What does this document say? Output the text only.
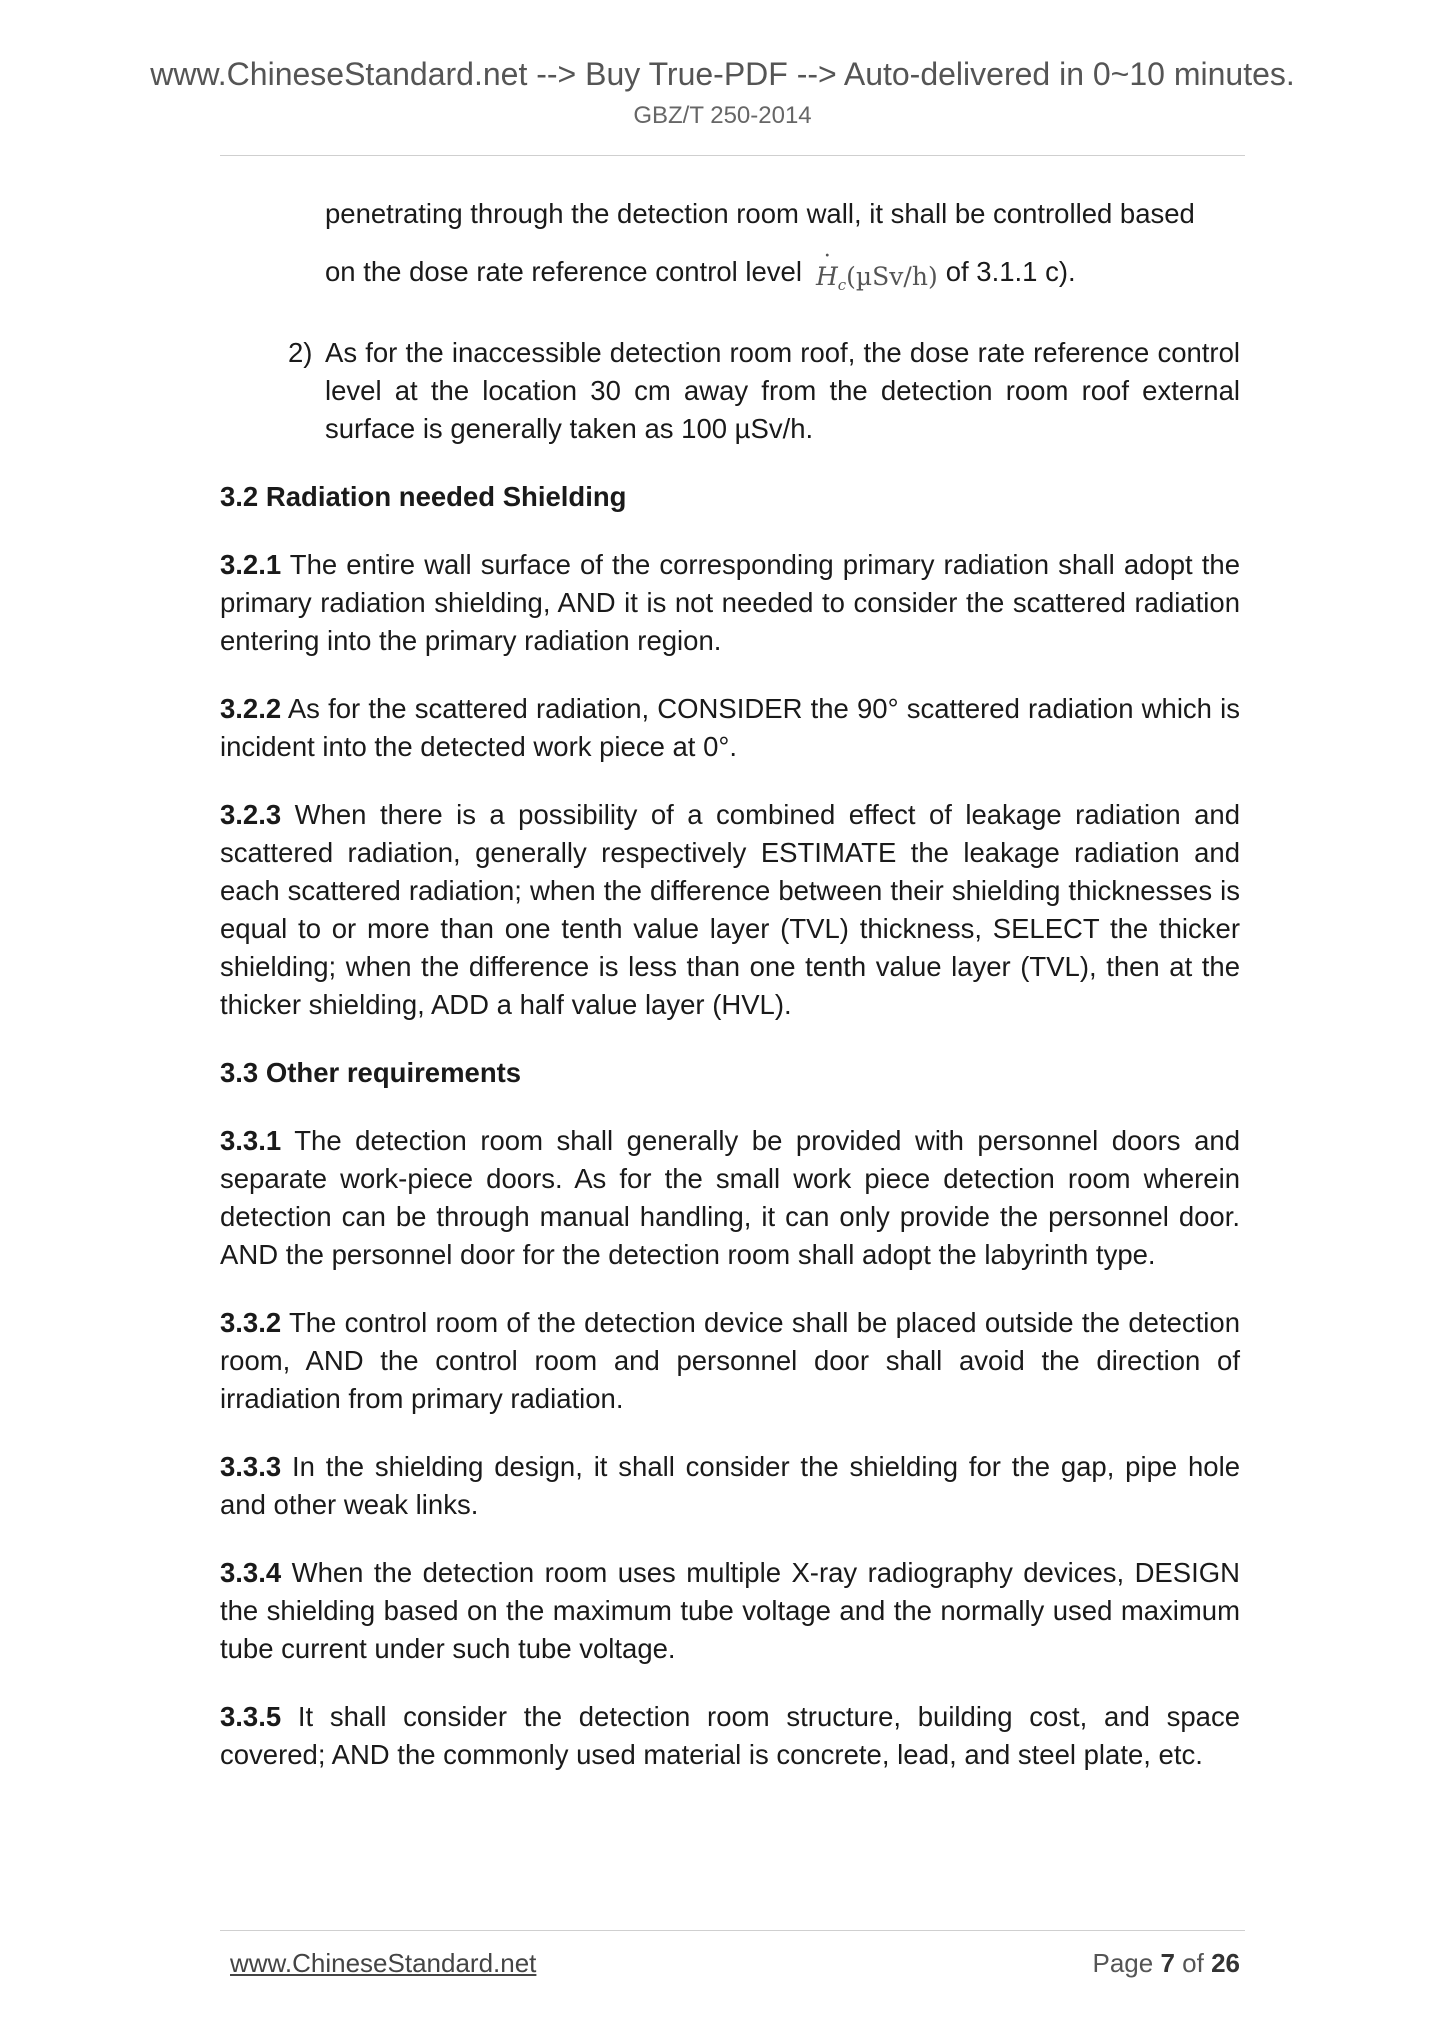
www.ChineseStandard.net --> Buy True-PDF --> Auto-delivered in 0~10 minutes.
GBZ/T 250-2014

penetrating through the detection room wall, it shall be controlled based

on the dose rate reference control level˙ $H_c(\mu Sv/h)$ of 3.1.1 c).

2) As for the inaccessible detection room roof, the dose rate reference control level at the location 30 cm away from the detection room roof external surface is generally taken as 100 µSv/h.

3.2 Radiation needed Shielding

3.2.1 The entire wall surface of the corresponding primary radiation shall adopt the primary radiation shielding, AND it is not needed to consider the scattered radiation entering into the primary radiation region.

3.2.2 As for the scattered radiation, CONSIDER the 90° scattered radiation which is incident into the detected work piece at 0°.

3.2.3 When there is a possibility of a combined effect of leakage radiation and scattered radiation, generally respectively ESTIMATE the leakage radiation and each scattered radiation; when the difference between their shielding thicknesses is equal to or more than one tenth value layer (TVL) thickness, SELECT the thicker shielding; when the difference is less than one tenth value layer (TVL), then at the thicker shielding, ADD a half value layer (HVL).

3.3 Other requirements

3.3.1 The detection room shall generally be provided with personnel doors and separate work-piece doors. As for the small work piece detection room wherein detection can be through manual handling, it can only provide the personnel door. AND the personnel door for the detection room shall adopt the labyrinth type.

3.3.2 The control room of the detection device shall be placed outside the detection room, AND the control room and personnel door shall avoid the direction of irradiation from primary radiation.

3.3.3 In the shielding design, it shall consider the shielding for the gap, pipe hole and other weak links.

3.3.4 When the detection room uses multiple X-ray radiography devices, DESIGN the shielding based on the maximum tube voltage and the normally used maximum tube current under such tube voltage.

3.3.5 It shall consider the detection room structure, building cost, and space covered; AND the commonly used material is concrete, lead, and steel plate, etc.

www.ChineseStandard.net	Page 7 of 26
